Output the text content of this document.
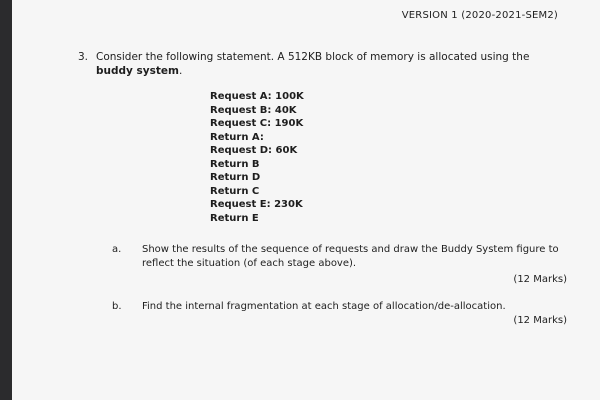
VERSION 1 (2020-2021-SEM2)
3. Consider the following statement. A 512KB block of memory is allocated using the buddy system.
Request A: 100K
Request B: 40K
Request C: 190K
Return A:
Request D: 60K
Return B
Return D
Return C
Request E: 230K
Return E
a. Show the results of the sequence of requests and draw the Buddy System figure to reflect the situation (of each stage above).
(12 Marks)
b. Find the internal fragmentation at each stage of allocation/de-allocation.
(12 Marks)
